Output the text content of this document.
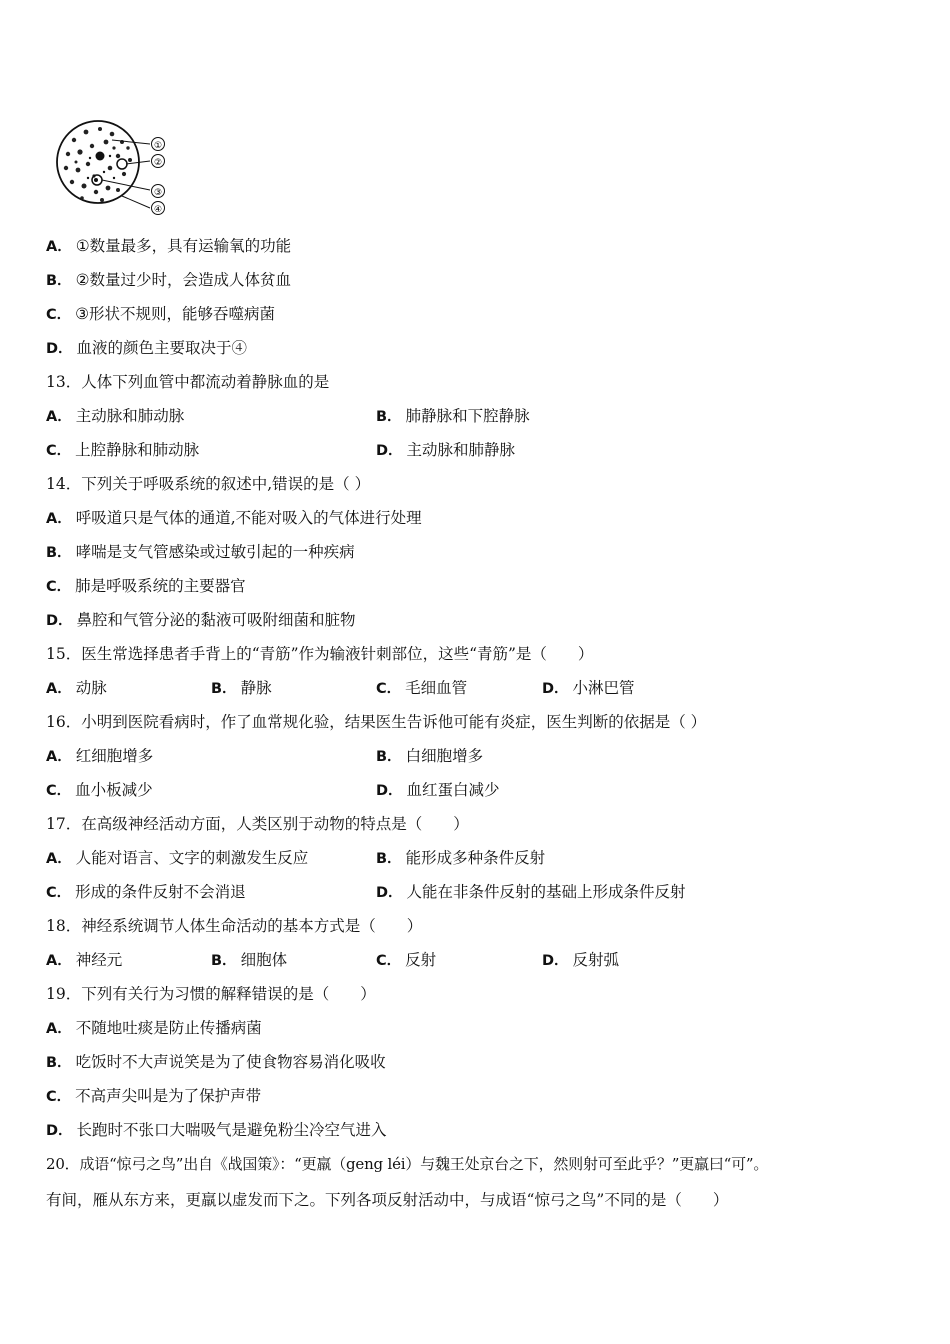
①
②
③
④
A． ①数量最多，具有运输氧的功能
B． ②数量过少时，会造成人体贫血
C． ③形状不规则，能够吞噬病菌
D． 血液的颜色主要取决于④
13．人体下列血管中都流动着静脉血的是
A． 主动脉和肺动脉	B． 肺静脉和下腔静脉
C． 上腔静脉和肺动脉	D． 主动脉和肺静脉
14．下列关于呼吸系统的叙述中,错误的是（ ）
A． 呼吸道只是气体的通道,不能对吸入的气体进行处理
B． 哮喘是支气管感染或过敏引起的一种疾病
C． 肺是呼吸系统的主要器官
D． 鼻腔和气管分泌的黏液可吸附细菌和脏物
15．医生常选择患者手背上的“青筋”作为输液针刺部位，这些“青筋”是（　　）
A． 动脉	B． 静脉	C． 毛细血管	D． 小淋巴管
16．小明到医院看病时，作了血常规化验，结果医生告诉他可能有炎症，医生判断的依据是（ ）
A． 红细胞增多	B． 白细胞增多
C． 血小板减少	D． 血红蛋白减少
17．在高级神经活动方面，人类区别于动物的特点是（　　）
A． 人能对语言、文字的刺激发生反应	B． 能形成多种条件反射
C． 形成的条件反射不会消退	D． 人能在非条件反射的基础上形成条件反射
18．神经系统调节人体生命活动的基本方式是（　　）
A． 神经元	B． 细胞体	C． 反射	D． 反射弧
19．下列有关行为习惯的解释错误的是（　　）
A． 不随地吐痰是防止传播病菌
B． 吃饭时不大声说笑是为了使食物容易消化吸收
C． 不高声尖叫是为了保护声带
D． 长跑时不张口大喘吸气是避免粉尘冷空气进入
20．成语“惊弓之鸟”出自《战国策》：“更羸（geng léi）与魏王处京台之下，然则射可至此乎？”更羸曰“可”。
有间，雁从东方来，更羸以虚发而下之。下列各项反射活动中，与成语“惊弓之鸟”不同的是（　　）
